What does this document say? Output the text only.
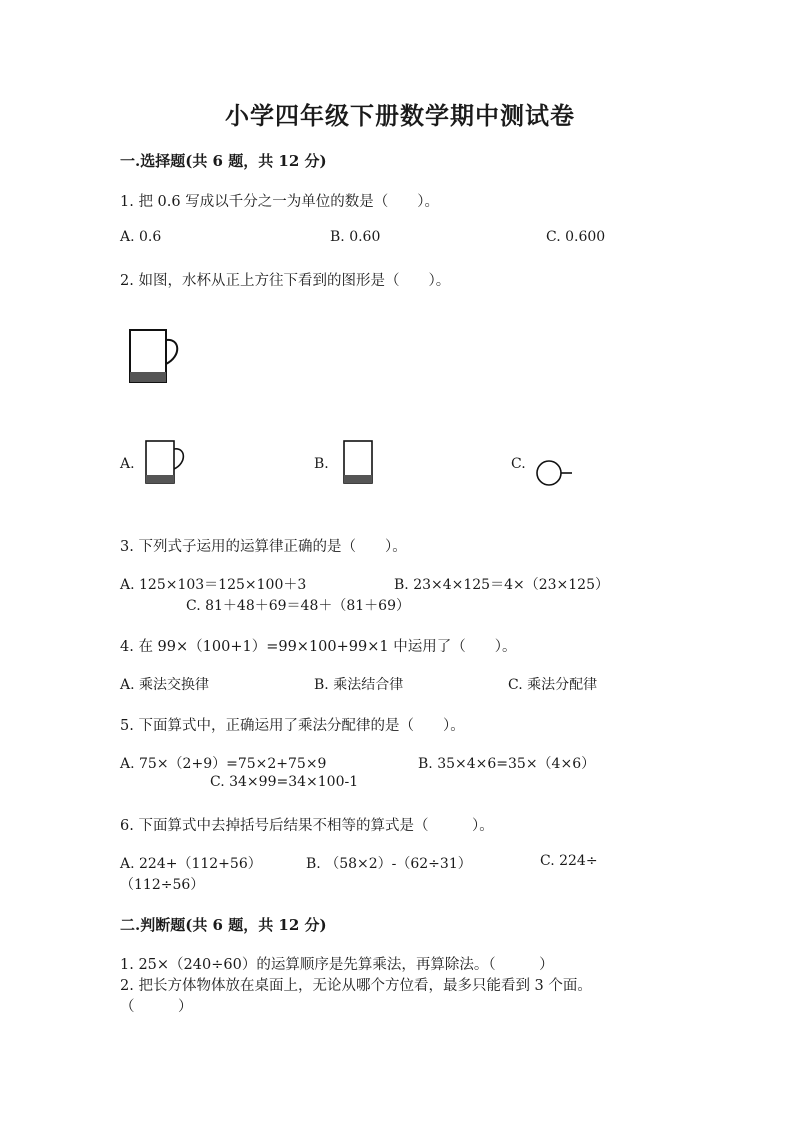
小学四年级下册数学期中测试卷
一.选择题(共 6 题，共 12 分)
1. 把 0.6 写成以千分之一为单位的数是（　　）。
A. 0.6	B. 0.60	C. 0.600
2. 如图，水杯从正上方往下看到的图形是（　　）。
A.	B.	C.
3. 下列式子运用的运算律正确的是（　　）。
A. 125×103＝125×100＋3	B. 23×4×125＝4×（23×125）
C. 81＋48＋69＝48＋（81＋69）
4. 在 99×（100+1）=99×100+99×1 中运用了（　　）。
A. 乘法交换律	B. 乘法结合律	C. 乘法分配律
5. 下面算式中，正确运用了乘法分配律的是（　　）。
A. 75×（2+9）=75×2+75×9	B. 35×4×6=35×（4×6）
C. 34×99=34×100-1
6. 下面算式中去掉括号后结果不相等的算式是（　　　）。
A. 224+（112+56）	B. （58×2）-（62÷31）	C. 224÷
（112÷56）
二.判断题(共 6 题，共 12 分)
1. 25×（240÷60）的运算顺序是先算乘法，再算除法。（　　　）
2. 把长方体物体放在桌面上，无论从哪个方位看，最多只能看到 3 个面。
（　　　）
